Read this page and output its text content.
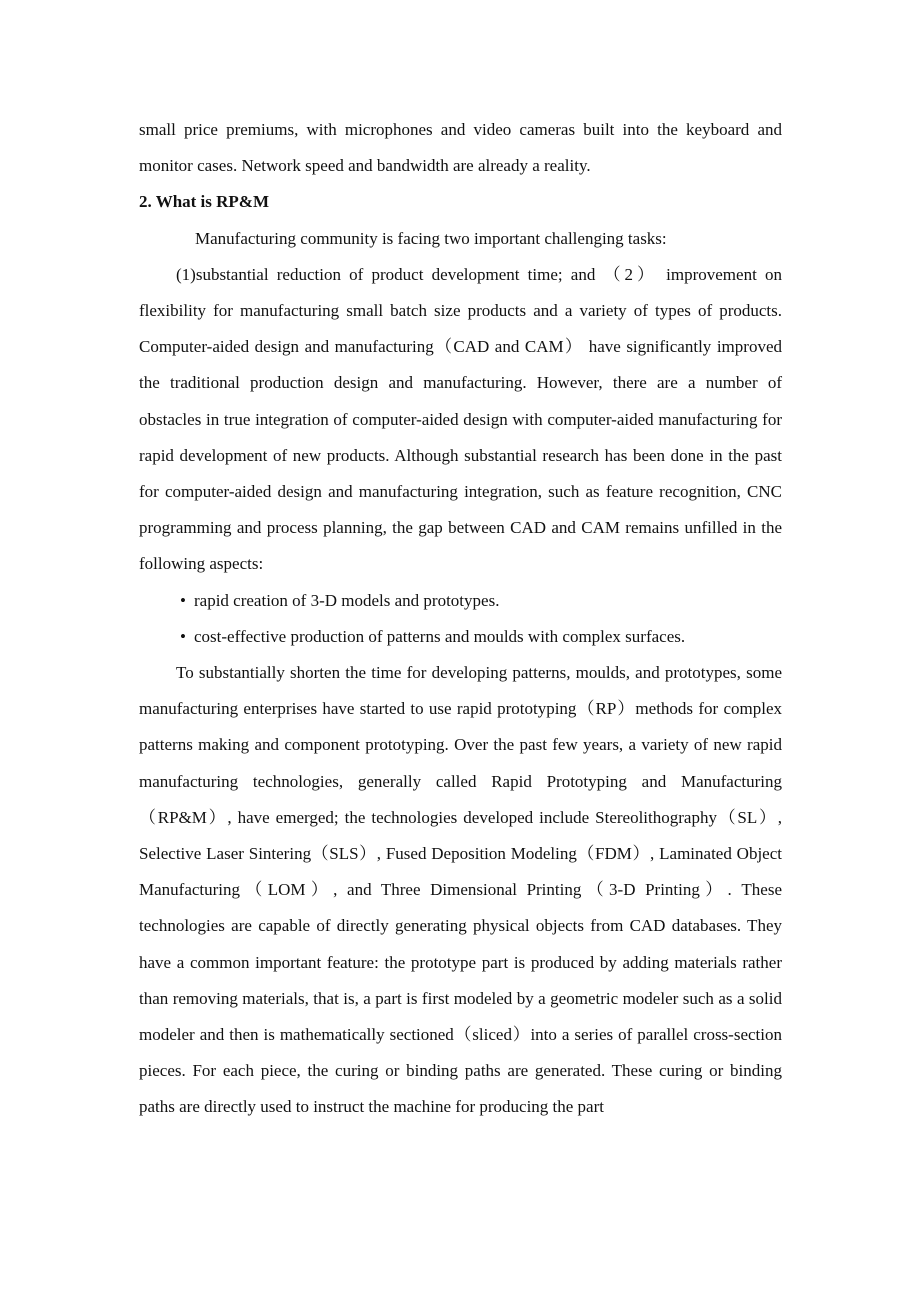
small price premiums, with microphones and video cameras built into the keyboard and monitor cases. Network speed and bandwidth are already a reality.

2. What is RP&M

Manufacturing community is facing two important challenging tasks:

(1)substantial reduction of product development time; and （2） improvement on flexibility for manufacturing small batch size products and a variety of types of products. Computer-aided design and manufacturing（CAD and CAM） have significantly improved the traditional production design and manufacturing. However, there are a number of obstacles in true integration of computer-aided design with computer-aided manufacturing for rapid development of new products. Although substantial research has been done in the past for computer-aided design and manufacturing integration, such as feature recognition, CNC programming and process planning, the gap between CAD and CAM remains unfilled in the following aspects:

• rapid creation of 3-D models and prototypes.

• cost-effective production of patterns and moulds with complex surfaces.

To substantially shorten the time for developing patterns, moulds, and prototypes, some manufacturing enterprises have started to use rapid prototyping（RP）methods for complex patterns making and component prototyping. Over the past few years, a variety of new rapid manufacturing technologies, generally called Rapid Prototyping and Manufacturing（RP&M）, have emerged; the technologies developed include Stereolithography（SL）, Selective Laser Sintering（SLS）, Fused Deposition Modeling（FDM）, Laminated Object Manufacturing（LOM）, and Three Dimensional Printing（3-D Printing）. These technologies are capable of directly generating physical objects from CAD databases. They have a common important feature: the prototype part is produced by adding materials rather than removing materials, that is, a part is first modeled by a geometric modeler such as a solid modeler and then is mathematically sectioned（sliced）into a series of parallel cross-section pieces. For each piece, the curing or binding paths are generated. These curing or binding paths are directly used to instruct the machine for producing the part
